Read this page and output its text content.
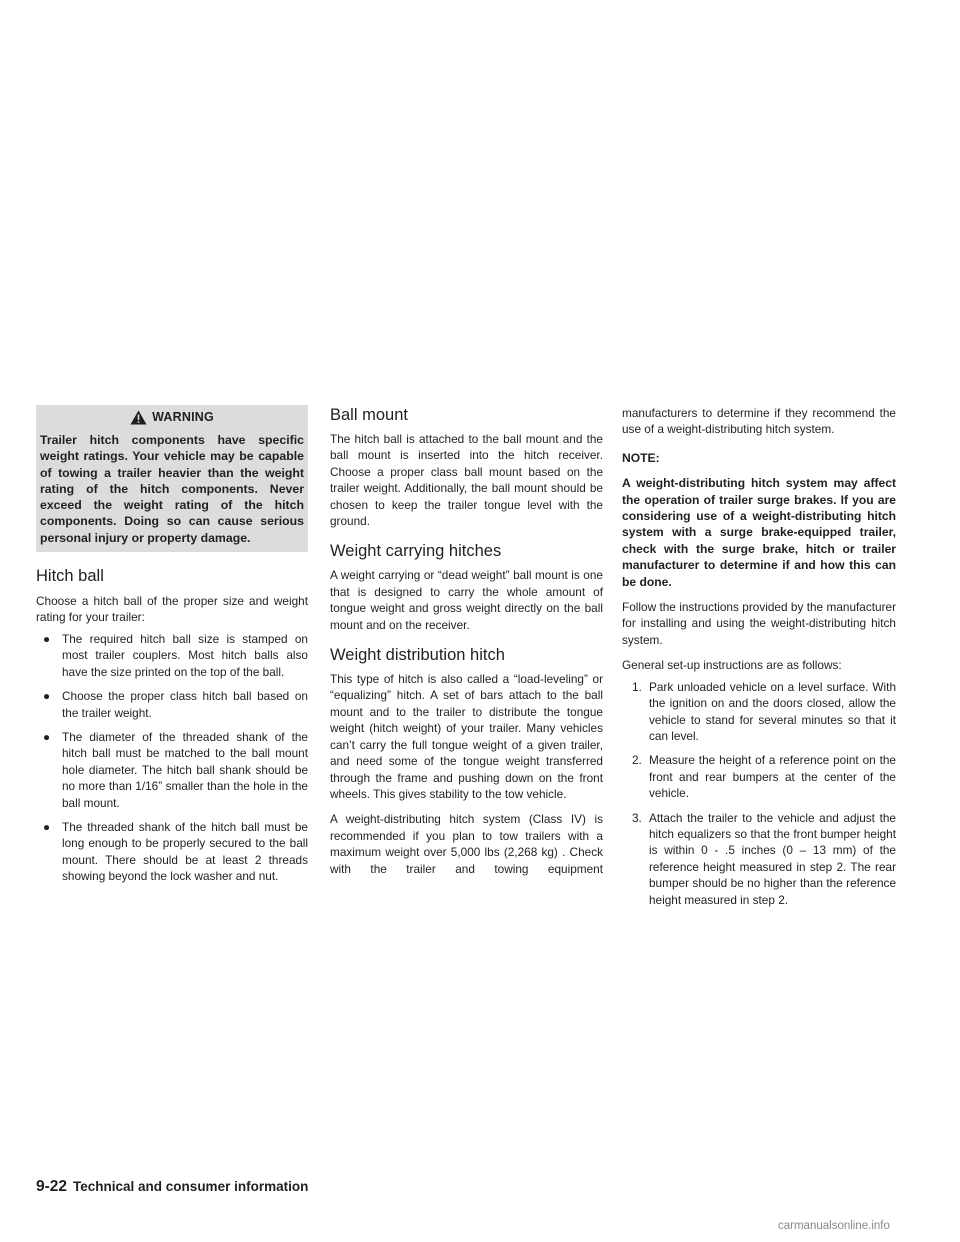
WARNING
Trailer hitch components have specific weight ratings. Your vehicle may be capable of towing a trailer heavier than the weight rating of the hitch components. Never exceed the weight rating of the hitch components. Doing so can cause serious personal injury or property damage.
Hitch ball

Choose a hitch ball of the proper size and weight rating for your trailer:

● The required hitch ball size is stamped on most trailer couplers. Most hitch balls also have the size printed on the top of the ball.
● Choose the proper class hitch ball based on the trailer weight.
● The diameter of the threaded shank of the hitch ball must be matched to the ball mount hole diameter. The hitch ball shank should be no more than 1/16” smaller than the hole in the ball mount.
● The threaded shank of the hitch ball must be long enough to be properly secured to the ball mount. There should be at least 2 threads showing beyond the lock washer and nut.
Ball mount

The hitch ball is attached to the ball mount and the ball mount is inserted into the hitch receiver. Choose a proper class ball mount based on the trailer weight. Additionally, the ball mount should be chosen to keep the trailer tongue level with the ground.

Weight carrying hitches

A weight carrying or “dead weight” ball mount is one that is designed to carry the whole amount of tongue weight and gross weight directly on the ball mount and on the receiver.

Weight distribution hitch

This type of hitch is also called a “load-leveling” or “equalizing” hitch. A set of bars attach to the ball mount and to the trailer to distribute the tongue weight (hitch weight) of your trailer. Many vehicles can’t carry the full tongue weight of a given trailer, and need some of the tongue weight transferred through the frame and pushing down on the front wheels. This gives stability to the tow vehicle.

A weight-distributing hitch system (Class IV) is recommended if you plan to tow trailers with a maximum weight over 5,000 lbs (2,268 kg) . Check with the trailer and towing equipment

manufacturers to determine if they recommend the use of a weight-distributing hitch system.

NOTE:

A weight-distributing hitch system may affect the operation of trailer surge brakes. If you are considering use of a weight-distributing hitch system with a surge brake-equipped trailer, check with the surge brake, hitch or trailer manufacturer to determine if and how this can be done.

Follow the instructions provided by the manufacturer for installing and using the weight-distributing hitch system.

General set-up instructions are as follows:

1. Park unloaded vehicle on a level surface. With the ignition on and the doors closed, allow the vehicle to stand for several minutes so that it can level.
2. Measure the height of a reference point on the front and rear bumpers at the center of the vehicle.
3. Attach the trailer to the vehicle and adjust the hitch equalizers so that the front bumper height is within 0 - .5 inches (0 – 13 mm) of the reference height measured in step 2. The rear bumper should be no higher than the reference height measured in step 2.
9-22 Technical and consumer information
carmanualsonline.info
